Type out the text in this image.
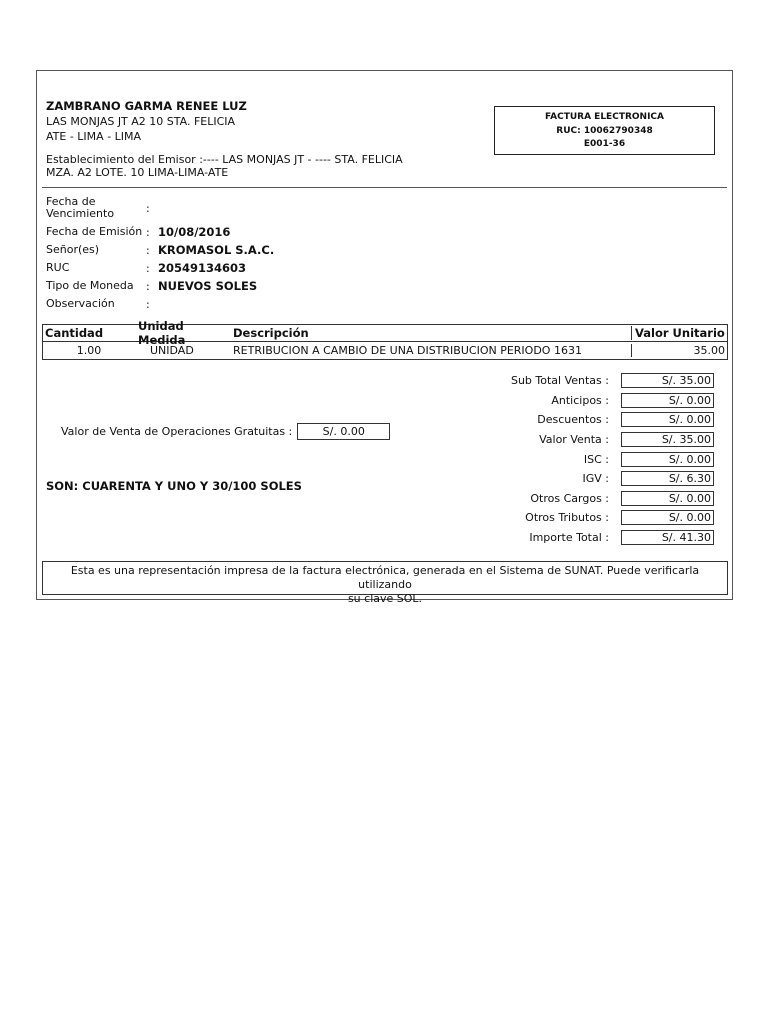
ZAMBRANO GARMA RENEE LUZ
LAS MONJAS JT A2 10 STA. FELICIA
ATE - LIMA - LIMA
Establecimiento del Emisor :---- LAS MONJAS JT - ---- STA. FELICIA
MZA. A2 LOTE. 10 LIMA-LIMA-ATE
FACTURA ELECTRONICA
RUC: 10062790348
E001-36
Fecha de Vencimiento	:
Fecha de Emisión : 10/08/2016
Señor(es)	: KROMASOL S.A.C.
RUC	: 20549134603
Tipo de Moneda	: NUEVOS SOLES
Observación	:
Cantidad	Unidad Medida	Descripción	Valor Unitario
1.00	UNIDAD	RETRIBUCION A CAMBIO DE UNA DISTRIBUCION PERIODO 1631	35.00
Valor de Venta de Operaciones Gratuitas :	S/. 0.00
SON: CUARENTA Y UNO Y 30/100 SOLES
Sub Total Ventas :	S/. 35.00
Anticipos :	S/. 0.00
Descuentos :	S/. 0.00
Valor Venta :	S/. 35.00
ISC :	S/. 0.00
IGV :	S/. 6.30
Otros Cargos :	S/. 0.00
Otros Tributos :	S/. 0.00
Importe Total :	S/. 41.30
Esta es una representación impresa de la factura electrónica, generada en el Sistema de SUNAT. Puede verificarla utilizando
su clave SOL.
